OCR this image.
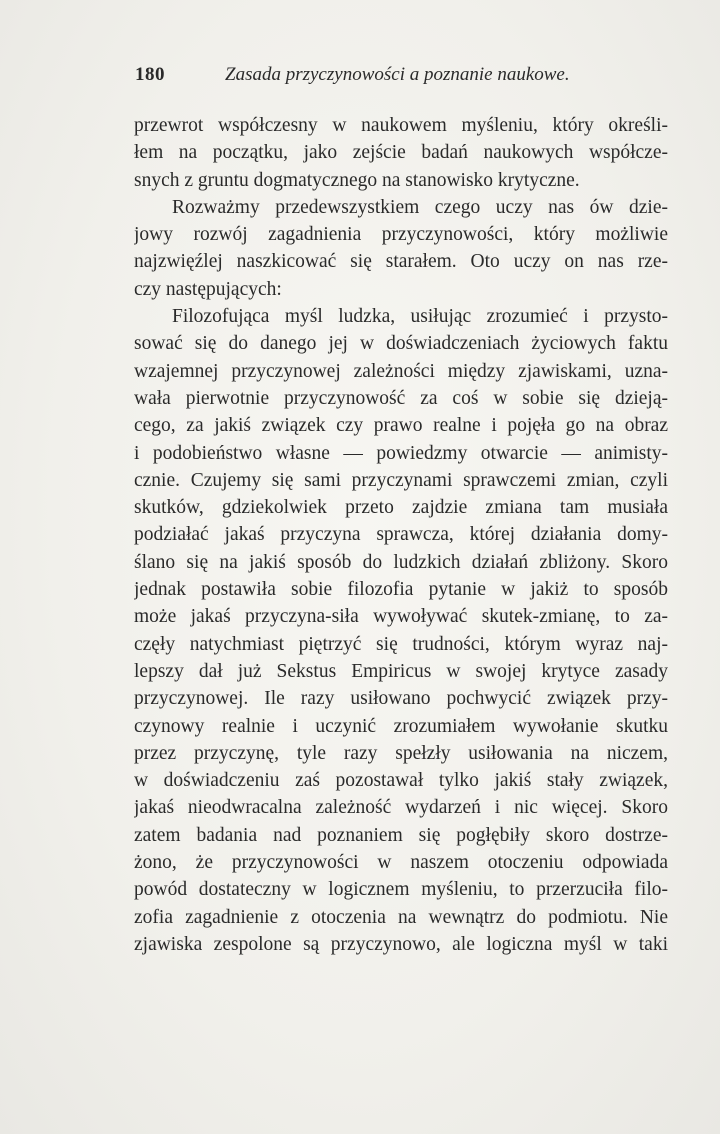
180	Zasada przyczynowości a poznanie naukowe.
przewrot współczesny w naukowem myśleniu, który określi-
łem na początku, jako zejście badań naukowych współcze-
snych z gruntu dogmatycznego na stanowisko krytyczne.
Rozważmy przedewszystkiem czego uczy nas ów dzie-
jowy rozwój zagadnienia przyczynowości, który możliwie
najzwięźlej naszkicować się starałem. Oto uczy on nas rze-
czy następujących:
Filozofująca myśl ludzka, usiłując zrozumieć i przysto-
sować się do danego jej w doświadczeniach życiowych faktu
wzajemnej przyczynowej zależności między zjawiskami, uzna-
wała pierwotnie przyczynowość za coś w sobie się dzieją-
cego, za jakiś związek czy prawo realne i pojęła go na obraz
i podobieństwo własne — powiedzmy otwarcie — animisty-
cznie. Czujemy się sami przyczynami sprawczemi zmian, czyli
skutków, gdziekolwiek przeto zajdzie zmiana tam musiała
podziałać jakaś przyczyna sprawcza, której działania domy-
ślano się na jakiś sposób do ludzkich działań zbliżony. Skoro
jednak postawiła sobie filozofia pytanie w jakiż to sposób
może jakaś przyczyna-siła wywoływać skutek-zmianę, to za-
częły natychmiast piętrzyć się trudności, którym wyraz naj-
lepszy dał już Sekstus Empiricus w swojej krytyce zasady
przyczynowej. Ile razy usiłowano pochwycić związek przy-
czynowy realnie i uczynić zrozumiałem wywołanie skutku
przez przyczynę, tyle razy spełzły usiłowania na niczem,
w doświadczeniu zaś pozostawał tylko jakiś stały związek,
jakaś nieodwracalna zależność wydarzeń i nic więcej. Skoro
zatem badania nad poznaniem się pogłębiły skoro dostrze-
żono, że przyczynowości w naszem otoczeniu odpowiada
powód dostateczny w logicznem myśleniu, to przerzuciła filo-
zofia zagadnienie z otoczenia na wewnątrz do podmiotu. Nie
zjawiska zespolone są przyczynowo, ale logiczna myśl w taki
